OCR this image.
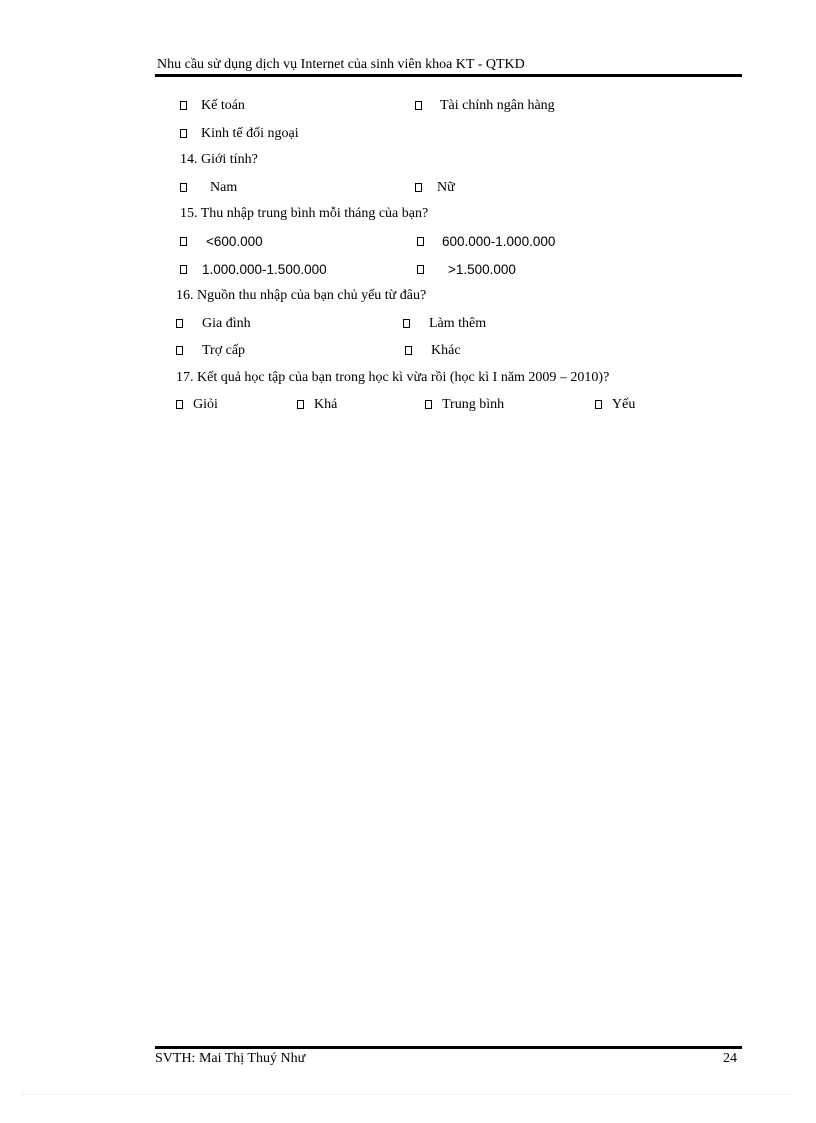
Nhu cầu sử dụng dịch vụ Internet của sinh viên khoa KT - QTKD
Kế toán	Tài chính ngân hàng
Kinh tế đối ngoại
14. Giới tính?
Nam	Nữ
15. Thu nhập trung bình mỗi tháng của bạn?
<600.000	600.000-1.000.000
1.000.000-1.500.000	>1.500.000
16. Nguồn thu nhập của bạn chủ yếu từ đâu?
Gia đình	Làm thêm
Trợ cấp	Khác
17. Kết quả học tập của bạn trong học kì vừa rồi (học kì I năm 2009 – 2010)?
Giỏi	Khá	Trung bình	Yếu
SVTH: Mai Thị Thuý Như	24
